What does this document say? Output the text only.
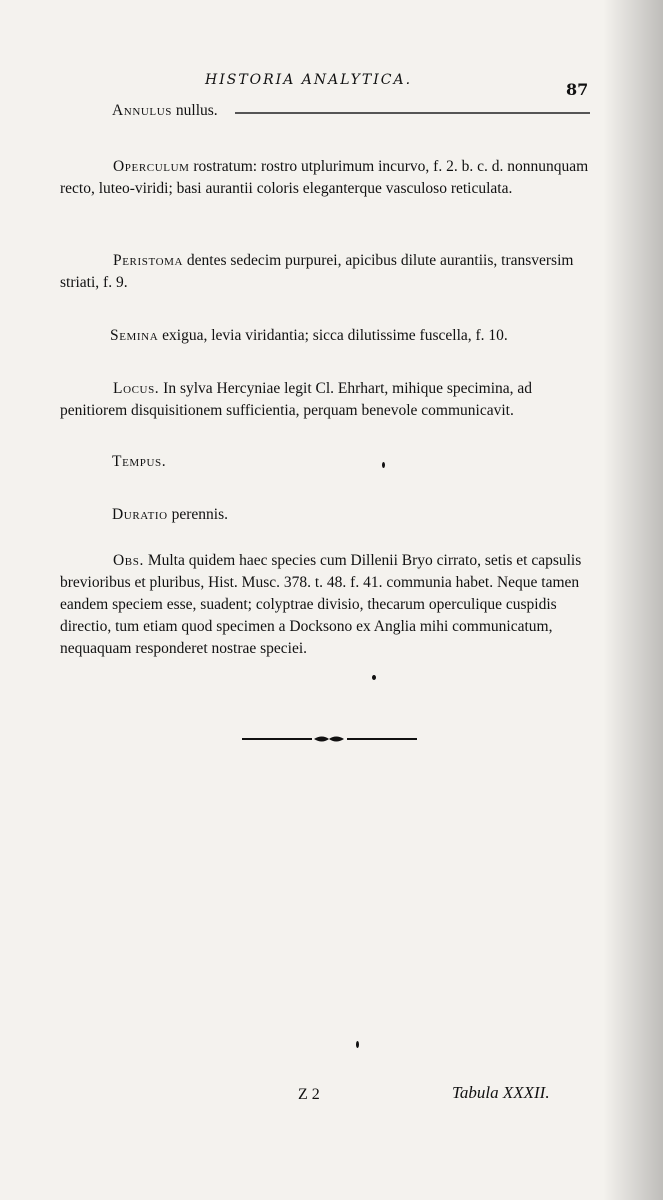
HISTORIA ANALYTICA.	87
Annulus nullus.
Operculum rostratum: rostro utplurimum incurvo, f. 2. b. c. d. nonnunquam recto, luteo-viridi; basi aurantii coloris eleganterque vasculoso reticulata.
Peristoma dentes sedecim purpurei, apicibus dilute aurantiis, transversim striati, f. 9.
Semina exigua, levia viridantia; sicca dilutissime fuscella, f. 10.
Locus. In sylva Hercyniae legit Cl. Ehrhart, mihique specimina, ad penitiorem disquisitionem sufficientia, perquam benevole communicavit.
Tempus.
Duratio perennis.
Obs. Multa quidem haec species cum Dillenii Bryo cirrato, setis et capsulis brevioribus et pluribus, Hist. Musc. 378. t. 48. f. 41. communia habet. Neque tamen eandem speciem esse, suadent; colyptrae divisio, thecarum operculique cuspidis directio, tum etiam quod specimen a Docksono ex Anglia mihi communicatum, nequaquam responderet nostrae speciei.
Z 2	Tabula XXXII.
